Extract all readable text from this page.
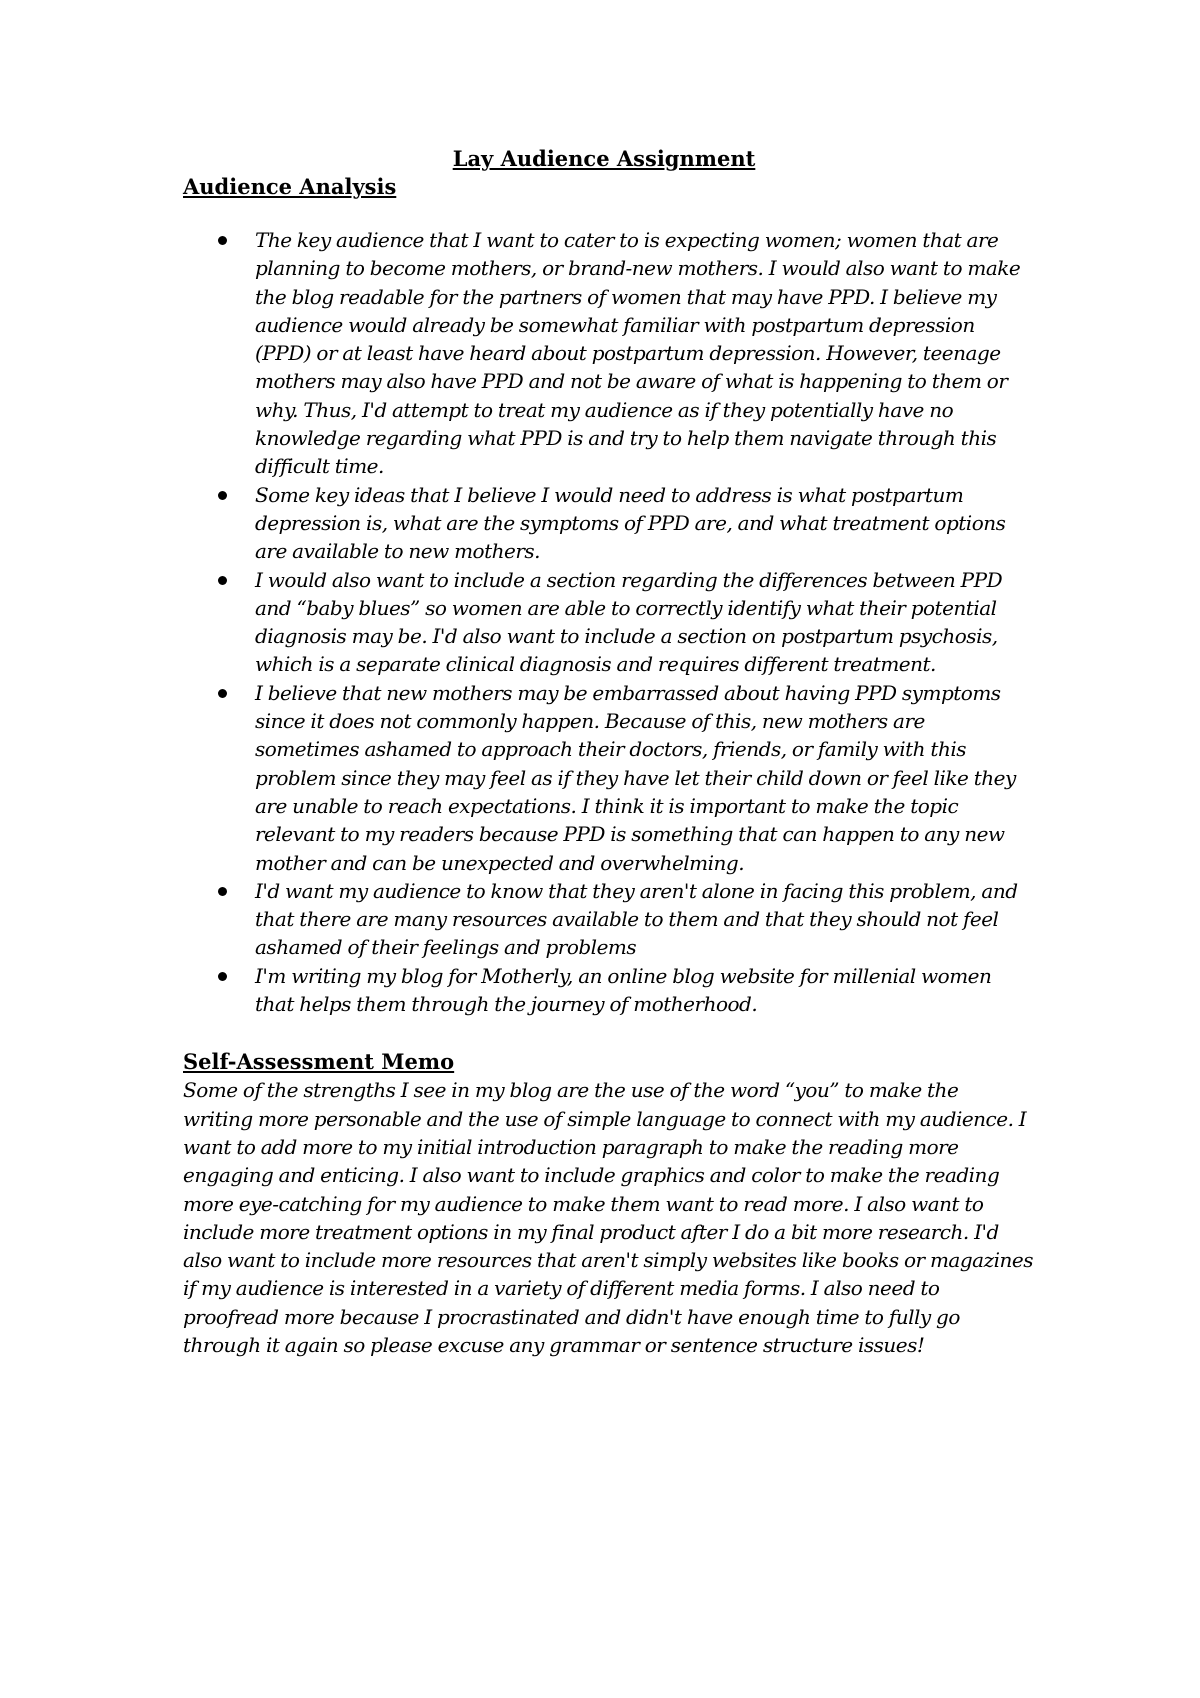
Lay Audience Assignment
Audience Analysis
The key audience that I want to cater to is expecting women; women that are planning to become mothers, or brand-new mothers. I would also want to make the blog readable for the partners of women that may have PPD. I believe my audience would already be somewhat familiar with postpartum depression (PPD) or at least have heard about postpartum depression. However, teenage mothers may also have PPD and not be aware of what is happening to them or why. Thus, I'd attempt to treat my audience as if they potentially have no knowledge regarding what PPD is and try to help them navigate through this difficult time.
Some key ideas that I believe I would need to address is what postpartum depression is, what are the symptoms of PPD are, and what treatment options are available to new mothers.
I would also want to include a section regarding the differences between PPD and “baby blues” so women are able to correctly identify what their potential diagnosis may be. I'd also want to include a section on postpartum psychosis, which is a separate clinical diagnosis and requires different treatment.
I believe that new mothers may be embarrassed about having PPD symptoms since it does not commonly happen. Because of this, new mothers are sometimes ashamed to approach their doctors, friends, or family with this problem since they may feel as if they have let their child down or feel like they are unable to reach expectations. I think it is important to make the topic relevant to my readers because PPD is something that can happen to any new mother and can be unexpected and overwhelming.
I'd want my audience to know that they aren't alone in facing this problem, and that there are many resources available to them and that they should not feel ashamed of their feelings and problems
I'm writing my blog for Motherly, an online blog website for millenial women that helps them through the journey of motherhood.
Self-Assessment Memo

Some of the strengths I see in my blog are the use of the word “you” to make the writing more personable and the use of simple language to connect with my audience. I want to add more to my initial introduction paragraph to make the reading more engaging and enticing. I also want to include graphics and color to make the reading more eye-catching for my audience to make them want to read more. I also want to include more treatment options in my final product after I do a bit more research. I'd also want to include more resources that aren't simply websites like books or magazines if my audience is interested in a variety of different media forms. I also need to proofread more because I procrastinated and didn't have enough time to fully go through it again so please excuse any grammar or sentence structure issues!
